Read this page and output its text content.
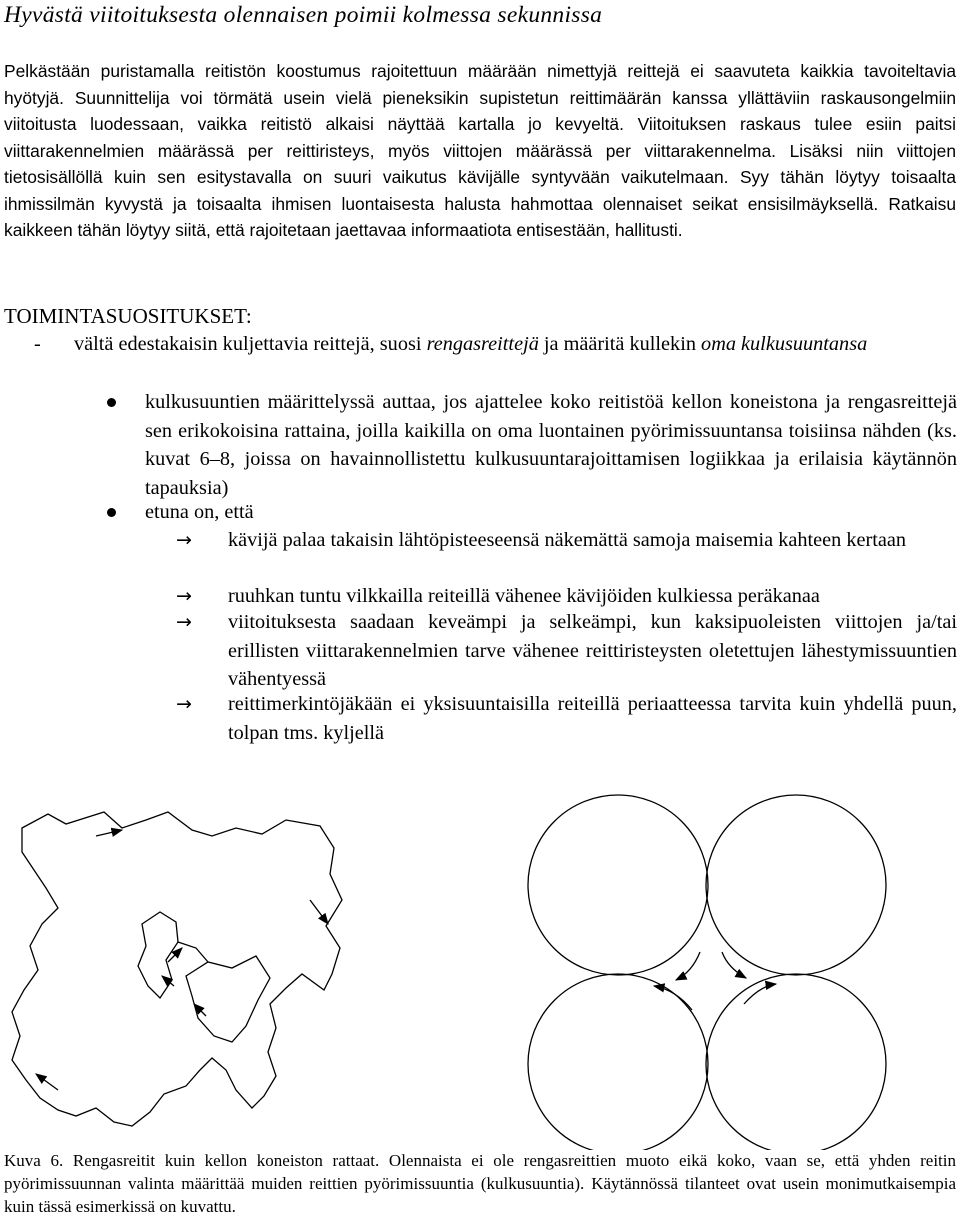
Hyvästä viitoituksesta olennaisen poimii kolmessa sekunnissa

Pelkästään puristamalla reitistön koostumus rajoitettuun määrään nimettyjä reittejä ei saavuteta kaikkia tavoiteltavia hyötyjä. Suunnittelija voi törmätä usein vielä pieneksikin supistetun reittimäärän kanssa yllättäviin raskausongelmiin viitoitusta luodessaan, vaikka reitistö alkaisi näyttää kartalla jo kevyeltä. Viitoituksen raskaus tulee esiin paitsi viittarakennelmien määrässä per reittiristeys, myös viittojen määrässä per viittarakennelma. Lisäksi niin viittojen tietosisällöllä kuin sen esitystavalla on suuri vaikutus kävijälle syntyvään vaikutelmaan. Syy tähän löytyy toisaalta ihmissilmän kyvystä ja toisaalta ihmisen luontaisesta halusta hahmottaa olennaiset seikat ensisilmäyksellä. Ratkaisu kaikkeen tähän löytyy siitä, että rajoitetaan jaettavaa informaatiota entisestään, hallitusti.

TOIMINTASUOSITUKSET:
- vältä edestakaisin kuljettavia reittejä, suosi rengasreittejä ja määritä kullekin oma kulkusuuntansa
kulkusuuntien määrittelyssä auttaa, jos ajattelee koko reitistöä kellon koneistona ja rengasreittejä sen erikokoisina rattaina, joilla kaikilla on oma luontainen pyörimissuuntansa toisiinsa nähden (ks. kuvat 6–8, joissa on havainnollistettu kulkusuuntarajoittamisen logiikkaa ja erilaisia käytännön tapauksia)
etuna on, että
→ kävijä palaa takaisin lähtöpisteeseensä näkemättä samoja maisemia kahteen kertaan
→ ruuhkan tuntu vilkkailla reiteillä vähenee kävijöiden kulkiessa peräkanaa
→ viitoituksesta saadaan keveämpi ja selkeämpi, kun kaksipuoleisten viittojen ja/tai erillisten viittarakennelmien tarve vähenee reittiristeysten oletettujen lähestymissuuntien vähentyessä
→ reittimerkintöjäkään ei yksisuuntaisilla reiteillä periaatteessa tarvita kuin yhdellä puun, tolpan tms. kyljellä

Kuva 6. Rengasreitit kuin kellon koneiston rattaat. Olennaista ei ole rengasreittien muoto eikä koko, vaan se, että yhden reitin pyörimissuunnan valinta määrittää muiden reittien pyörimissuuntia (kulkusuuntia). Käytännössä tilanteet ovat usein monimutkaisempia kuin tässä esimerkissä on kuvattu.
